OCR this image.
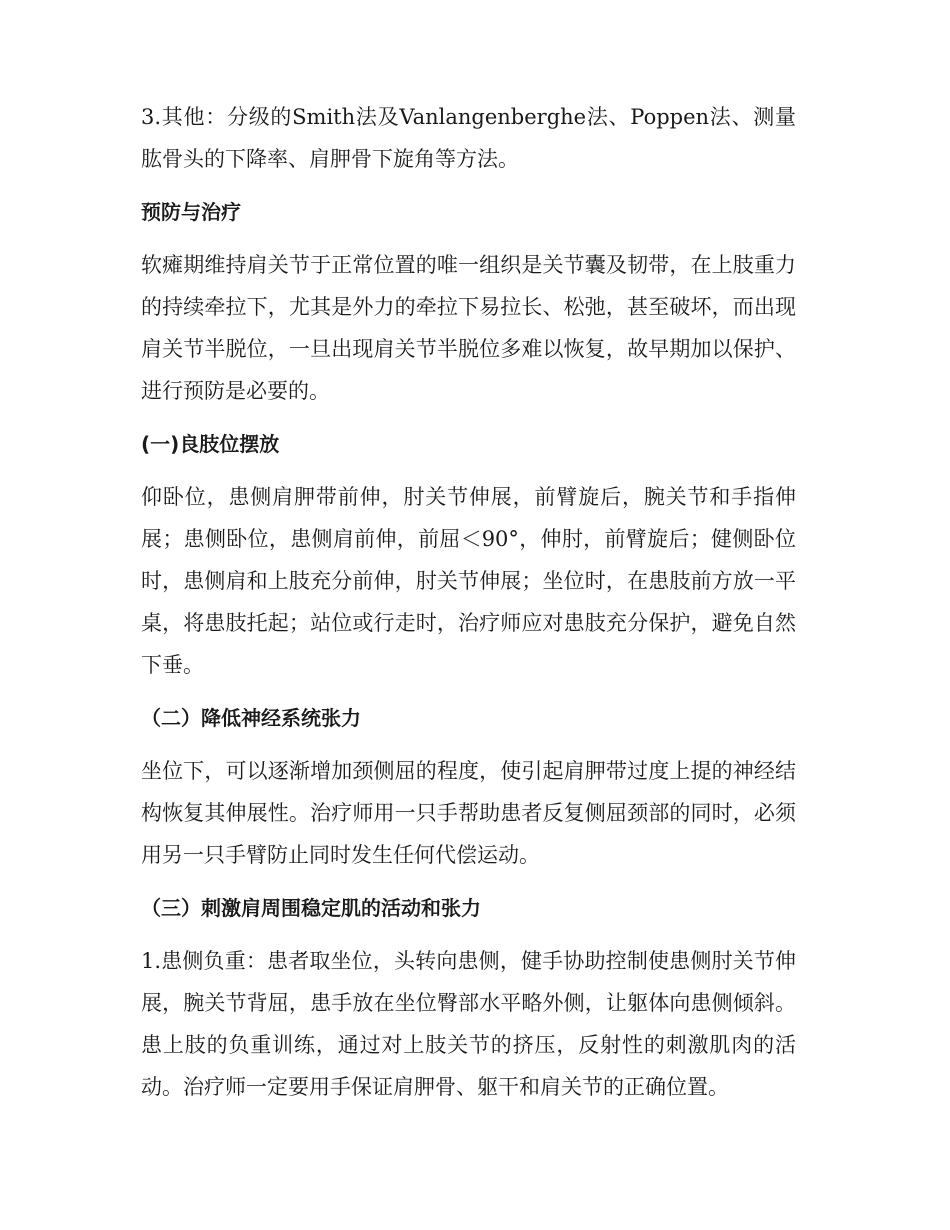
3.其他：分级的Smith法及Vanlangenberghe法、Poppen法、测量肱骨头的下降率、肩胛骨下旋角等方法。

预防与治疗

软瘫期维持肩关节于正常位置的唯一组织是关节囊及韧带，在上肢重力的持续牵拉下，尤其是外力的牵拉下易拉长、松弛，甚至破坏，而出现肩关节半脱位，一旦出现肩关节半脱位多难以恢复，故早期加以保护、进行预防是必要的。

(一)良肢位摆放

仰卧位，患侧肩胛带前伸，肘关节伸展，前臂旋后，腕关节和手指伸展；患侧卧位，患侧肩前伸，前屈＜90°，伸肘，前臂旋后；健侧卧位时，患侧肩和上肢充分前伸，肘关节伸展；坐位时，在患肢前方放一平桌，将患肢托起；站位或行走时，治疗师应对患肢充分保护，避免自然下垂。

（二）降低神经系统张力

坐位下，可以逐渐增加颈侧屈的程度，使引起肩胛带过度上提的神经结构恢复其伸展性。治疗师用一只手帮助患者反复侧屈颈部的同时，必须用另一只手臂防止同时发生任何代偿运动。

（三）刺激肩周围稳定肌的活动和张力

1.患侧负重：患者取坐位，头转向患侧，健手协助控制使患侧肘关节伸展，腕关节背屈，患手放在坐位臀部水平略外侧，让躯体向患侧倾斜。患上肢的负重训练，通过对上肢关节的挤压，反射性的刺激肌肉的活动。治疗师一定要用手保证肩胛骨、躯干和肩关节的正确位置。
